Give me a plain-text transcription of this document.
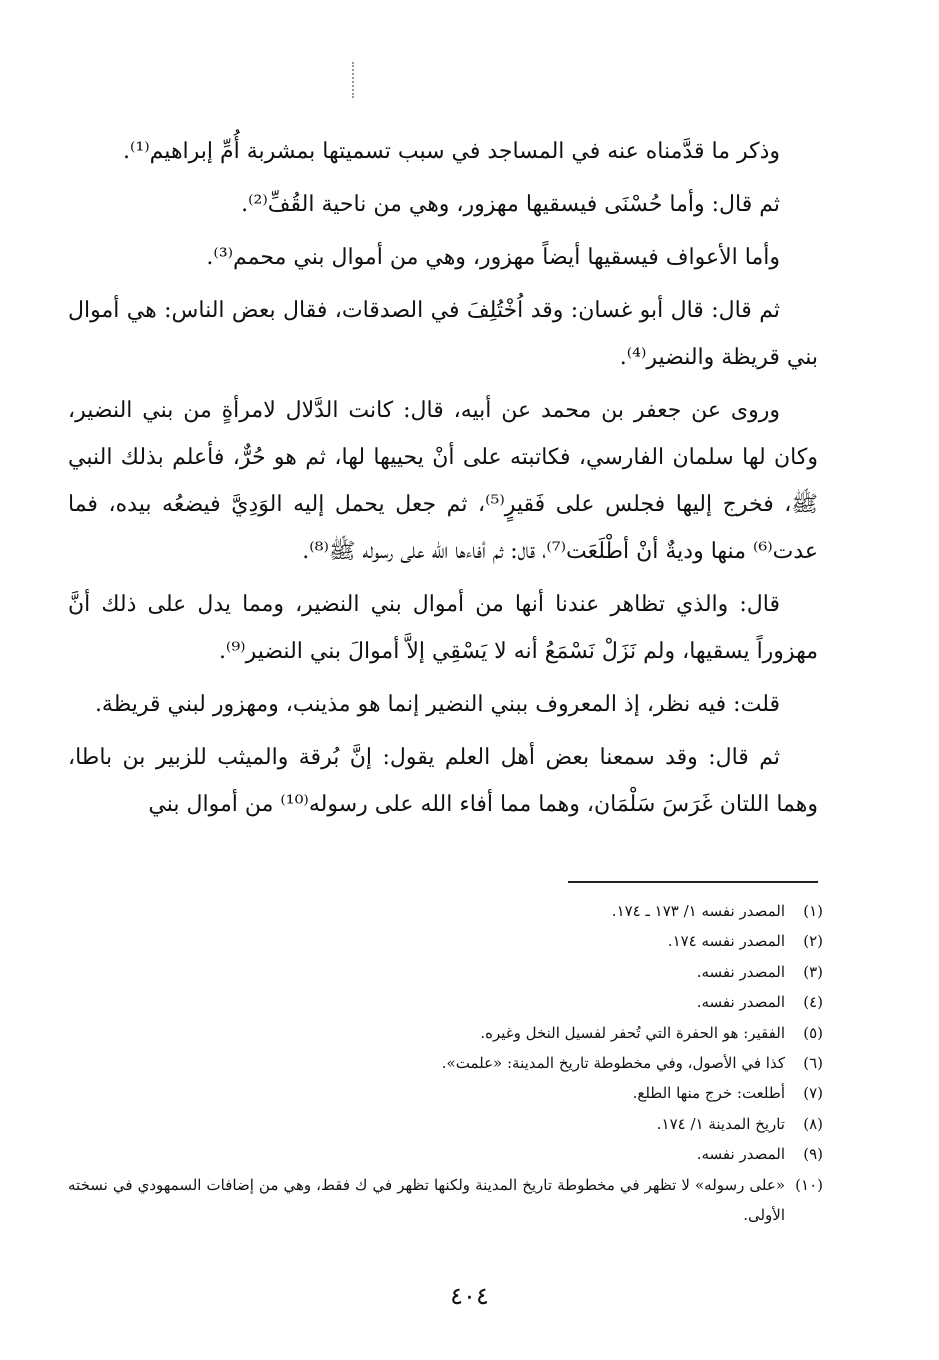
وذكر ما قدَّمناه عنه في المساجد في سبب تسميتها بمشربة أُمِّ إبراهيم⁽¹⁾.

ثم قال: وأما حُسْنَى فيسقيها مهزور، وهي من ناحية القُفِّ⁽²⁾.

وأما الأعواف فيسقيها أيضاً مهزور، وهي من أموال بني محمم⁽³⁾.

ثم قال: قال أبو غسان: وقد اُخْتُلِفَ في الصدقات، فقال بعض الناس: هي أموال بني قريظة والنضير⁽⁴⁾.

وروى عن جعفر بن محمد عن أبيه، قال: كانت الدَّلال لامرأةٍ من بني النضير، وكان لها سلمان الفارسي، فكاتبته على أنْ يحييها لها، ثم هو حُرٌّ، فأعلم بذلك النبي ﷺ، فخرج إليها فجلس على فَقيرٍ⁽⁵⁾، ثم جعل يحمل إليه الوَدِيَّ فيضعُه بيده، فما عدت⁽⁶⁾ منها وديةٌ أنْ أطْلَعَت⁽⁷⁾، قال: ثم أفاءها الله على رسوله ﷺ⁽⁸⁾.

قال: والذي تظاهر عندنا أنها من أموال بني النضير، ومما يدل على ذلك أنَّ مهزوراً يسقيها، ولم نَزَلْ نَسْمَعُ أنه لا يَسْقِي إلاَّ أموالَ بني النضير⁽⁹⁾.

قلت: فيه نظر، إذ المعروف ببني النضير إنما هو مذينب، ومهزور لبني قريظة.

ثم قال: وقد سمعنا بعض أهل العلم يقول: إنَّ بُرقة والميثب للزبير بن باطا، وهما اللتان غَرَسَ سَلْمَان، وهما مما أفاء الله على رسوله⁽¹⁰⁾ من أموال بني

(١)
المصدر نفسه ١/ ١٧٣ ـ ١٧٤.
(٢)
المصدر نفسه ١٧٤.
(٣)
المصدر نفسه.
(٤)
المصدر نفسه.
(٥)
الفقير: هو الحفرة التي تُحفر لفسيل النخل وغيره.
(٦)
كذا في الأصول، وفي مخطوطة تاريخ المدينة: «علمت».
(٧)
أطلعت: خرج منها الطلع.
(٨)
تاريخ المدينة ١/ ١٧٤.
(٩)
المصدر نفسه.
(١٠)
«على رسوله» لا تظهر في مخطوطة تاريخ المدينة ولكنها تظهر في ك فقط، وهي من إضافات السمهودي في نسخته الأولى.
٤٠٤
